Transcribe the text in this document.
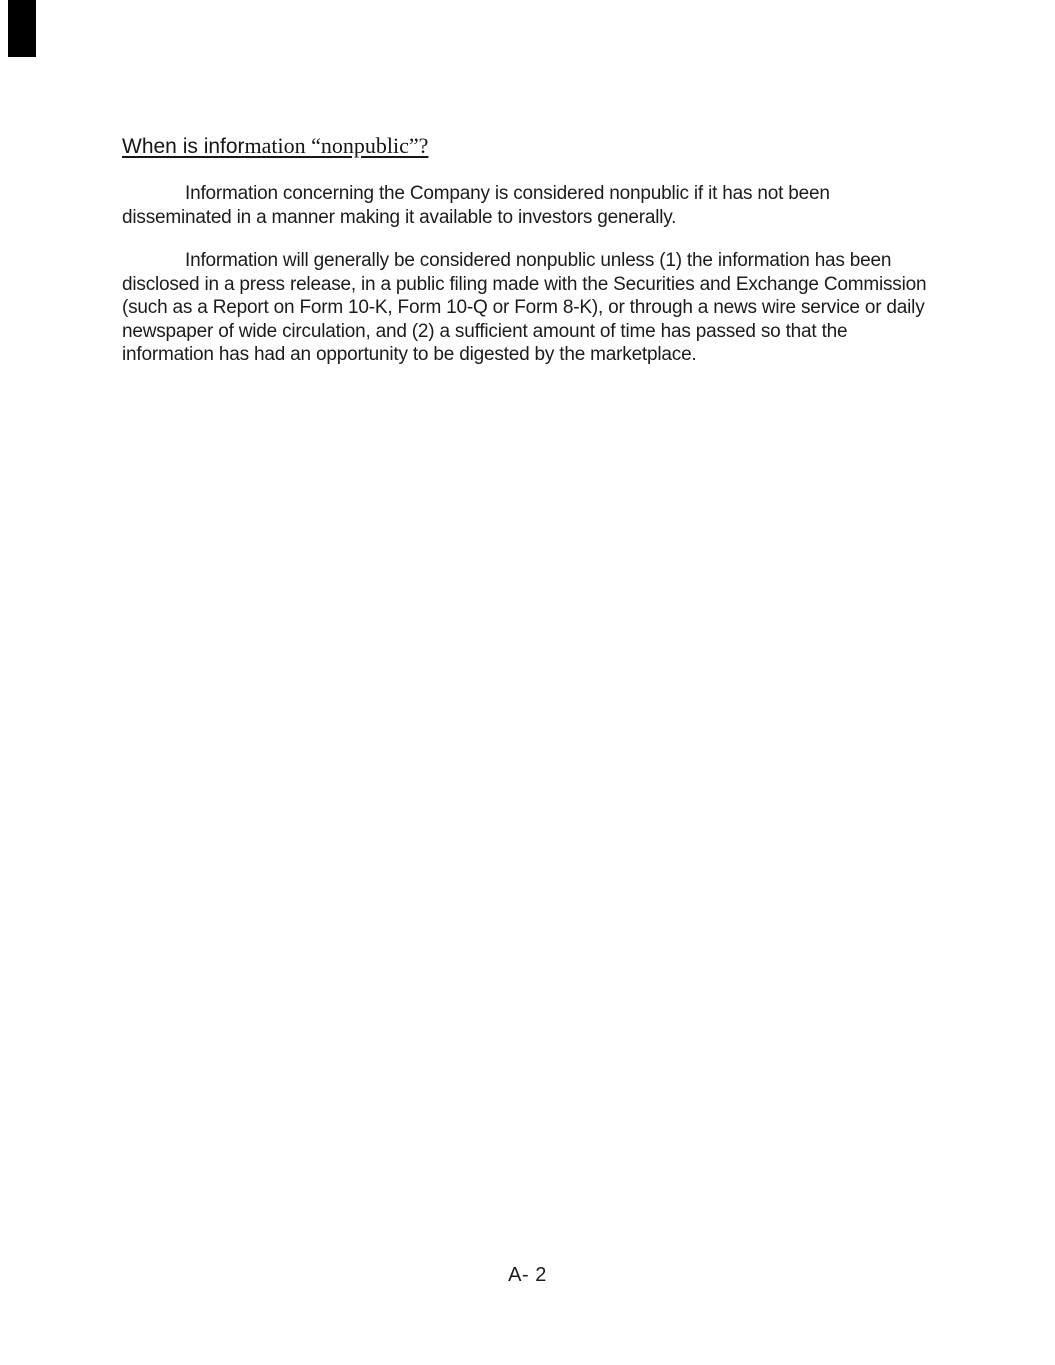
When is information “nonpublic”?
Information concerning the Company is considered nonpublic if it has not been
disseminated in a manner making it available to investors generally.
Information will generally be considered nonpublic unless (1) the information has been
disclosed in a press release, in a public filing made with the Securities and Exchange Commission
(such as a Report on Form 10-K, Form 10-Q or Form 8-K), or through a news wire service or daily
newspaper of wide circulation, and (2) a sufficient amount of time has passed so that the
information has had an opportunity to be digested by the marketplace.
A- 2
